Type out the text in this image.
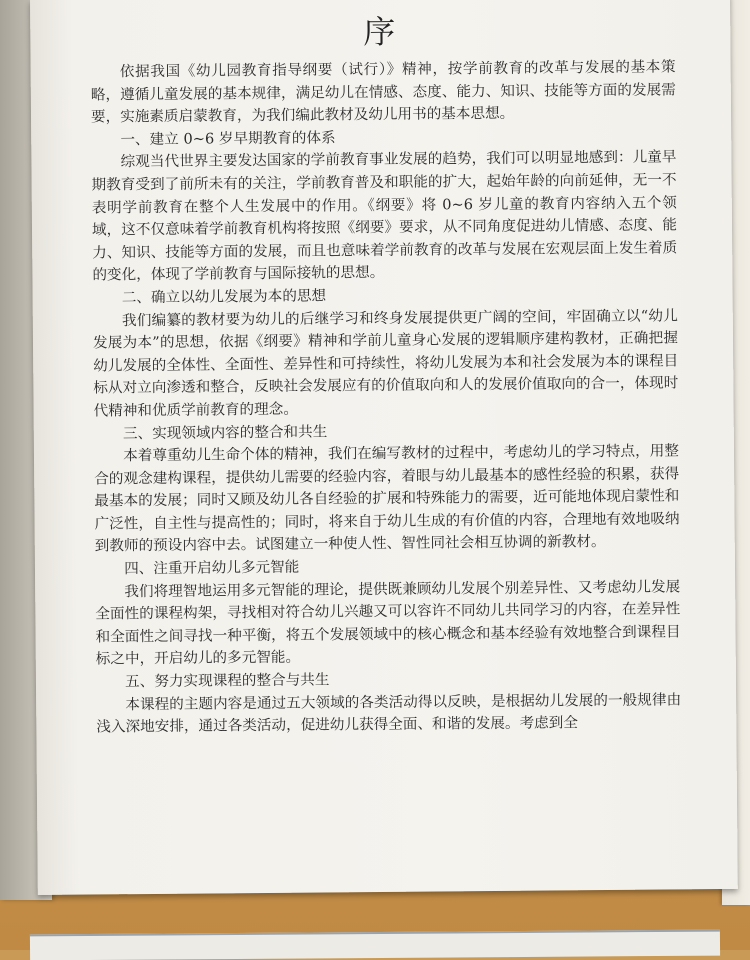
序

依据我国《幼儿园教育指导纲要（试行）》精神，按学前教育的改革与发展的基本策略，遵循儿童发展的基本规律，满足幼儿在情感、态度、能力、知识、技能等方面的发展需要，实施素质启蒙教育，为我们编此教材及幼儿用书的基本思想。

一、建立 0~6 岁早期教育的体系

综观当代世界主要发达国家的学前教育事业发展的趋势，我们可以明显地感到：儿童早期教育受到了前所未有的关注，学前教育普及和职能的扩大，起始年龄的向前延伸，无一不表明学前教育在整个人生发展中的作用。《纲要》将 0~6 岁儿童的教育内容纳入五个领域，这不仅意味着学前教育机构将按照《纲要》要求，从不同角度促进幼儿情感、态度、能力、知识、技能等方面的发展，而且也意味着学前教育的改革与发展在宏观层面上发生着质的变化，体现了学前教育与国际接轨的思想。

二、确立以幼儿发展为本的思想

我们编纂的教材要为幼儿的后继学习和终身发展提供更广阔的空间，牢固确立以“幼儿发展为本”的思想，依据《纲要》精神和学前儿童身心发展的逻辑顺序建构教材，正确把握幼儿发展的全体性、全面性、差异性和可持续性，将幼儿发展为本和社会发展为本的课程目标从对立向渗透和整合，反映社会发展应有的价值取向和人的发展价值取向的合一，体现时代精神和优质学前教育的理念。

三、实现领域内容的整合和共生

本着尊重幼儿生命个体的精神，我们在编写教材的过程中，考虑幼儿的学习特点，用整合的观念建构课程，提供幼儿需要的经验内容，着眼与幼儿最基本的感性经验的积累，获得最基本的发展；同时又顾及幼儿各自经验的扩展和特殊能力的需要，近可能地体现启蒙性和广泛性，自主性与提高性的；同时，将来自于幼儿生成的有价值的内容，合理地有效地吸纳到教师的预设内容中去。试图建立一种使人性、智性同社会相互协调的新教材。

四、注重开启幼儿多元智能

我们将理智地运用多元智能的理论，提供既兼顾幼儿发展个别差异性、又考虑幼儿发展全面性的课程构架，寻找相对符合幼儿兴趣又可以容许不同幼儿共同学习的内容，在差异性和全面性之间寻找一种平衡，将五个发展领域中的核心概念和基本经验有效地整合到课程目标之中，开启幼儿的多元智能。

五、努力实现课程的整合与共生

本课程的主题内容是通过五大领域的各类活动得以反映，是根据幼儿发展的一般规律由浅入深地安排，通过各类活动，促进幼儿获得全面、和谐的发展。考虑到全
